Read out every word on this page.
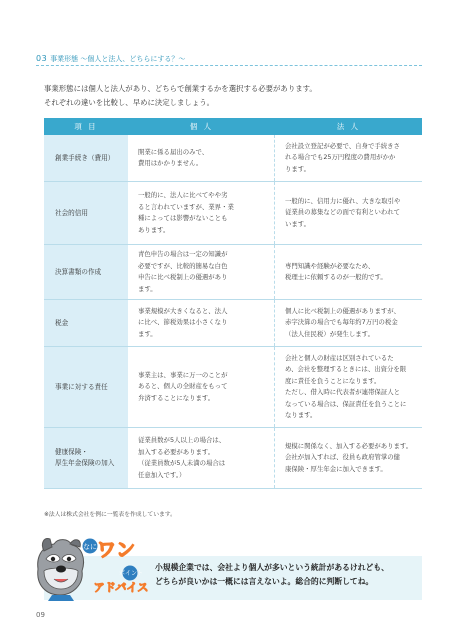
03 事業形態 ～個人と法人、どちらにする？～
事業形態には個人と法人があり、どちらで創業するかを選択する必要があります。
それぞれの違いを比較し、早めに決定しましょう。
項 目	個 人	法 人
創業手続き（費用）
開業に係る届出のみで、
費用はかかりません。
会社設立登記が必要で、自身で手続きさ
れる場合でも25万円程度の費用がかか
ります。
社会的信用
一般的に、法人に比べてやや劣
ると言われていますが、業界・業
種によっては影響がないことも
あります。
一般的に、信用力に優れ、大きな取引や
従業員の募集などの面で有利といわれて
います。
決算書類の作成
青色申告の場合は一定の知識が
必要ですが、比較的簡易な白色
申告に比べ税制上の優遇があり
ます。
専門知識や経験が必要なため、
税理士に依頼するのが一般的です。
税金
事業規模が大きくなると、法人
に比べ、節税効果は小さくなり
ます。
個人に比べ税制上の優遇がありますが、
赤字決算の場合でも毎年約7万円の税金
（法人住民税）が発生します。
事業に対する責任
事業主は、事業に万一のことが
あると、個人の全財産をもって
弁済することになります。
会社と個人の財産は区別されているた
め、会社を整理するときには、出資分を限
度に責任を負うことになります。
ただし、借入時に代表者が連帯保証人と
なっている場合は、保証責任を負うことに
なります。
健康保険・
厚生年金保険の加入
従業員数が5人以上の場合は、
加入する必要があります。
（従業員数が5人未満の場合は
任意加入です。）
規模に関係なく、加入する必要があります。
会社が加入すれば、役員も政府管掌の健
康保険・厚生年金に加入できます。
※法人は株式会社を例に一覧表を作成しています。
なに ワン
ポイント
アドバイス
小規模企業では、会社より個人が多いという統計があるけれども、
どちらが良いかは一概には言えないよ。総合的に判断してね。
09
